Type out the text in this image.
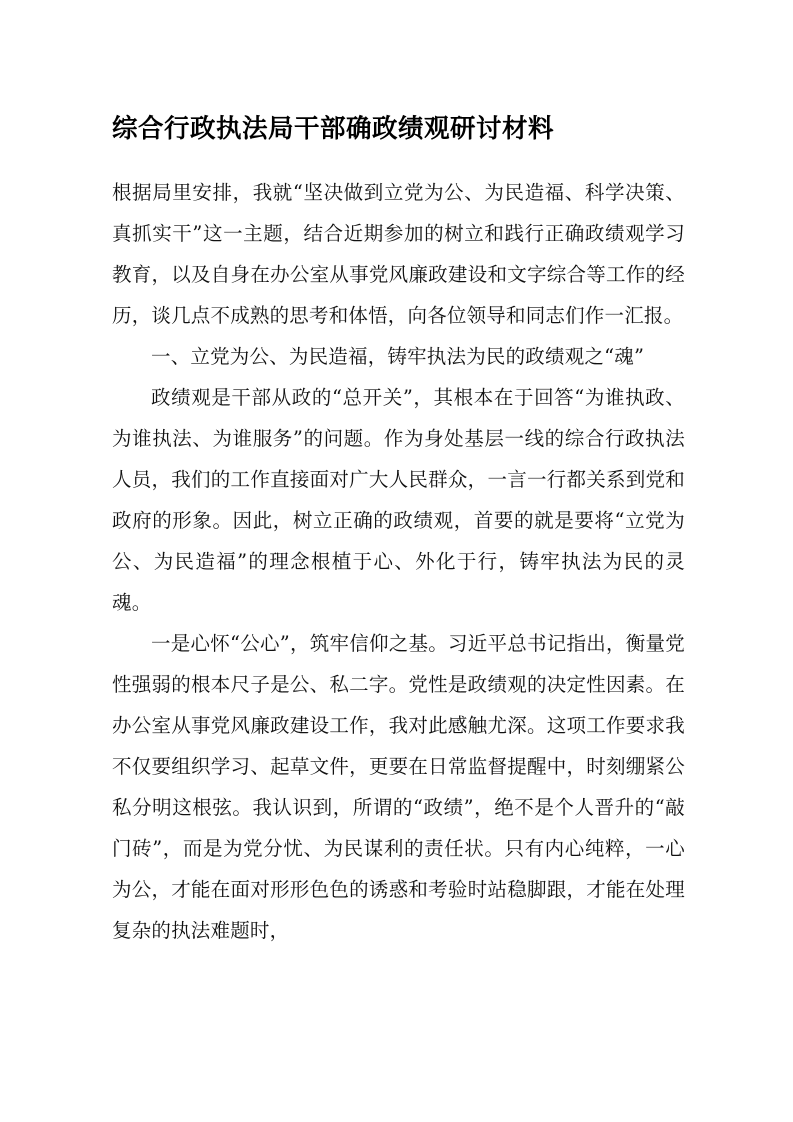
综合行政执法局干部确政绩观研讨材料

根据局里安排，我就“坚决做到立党为公、为民造福、科学决策、真抓实干”这一主题，结合近期参加的树立和践行正确政绩观学习教育，以及自身在办公室从事党风廉政建设和文字综合等工作的经历，谈几点不成熟的思考和体悟，向各位领导和同志们作一汇报。

一、立党为公、为民造福，铸牢执法为民的政绩观之“魂”

政绩观是干部从政的“总开关”，其根本在于回答“为谁执政、为谁执法、为谁服务”的问题。作为身处基层一线的综合行政执法人员，我们的工作直接面对广大人民群众，一言一行都关系到党和政府的形象。因此，树立正确的政绩观，首要的就是要将“立党为公、为民造福”的理念根植于心、外化于行，铸牢执法为民的灵魂。

一是心怀“公心”，筑牢信仰之基。习近平总书记指出，衡量党性强弱的根本尺子是公、私二字。党性是政绩观的决定性因素。在办公室从事党风廉政建设工作，我对此感触尤深。这项工作要求我不仅要组织学习、起草文件，更要在日常监督提醒中，时刻绷紧公私分明这根弦。我认识到，所谓的“政绩”，绝不是个人晋升的“敲门砖”，而是为党分忧、为民谋利的责任状。只有内心纯粹，一心为公，才能在面对形形色色的诱惑和考验时站稳脚跟，才能在处理复杂的执法难题时，
